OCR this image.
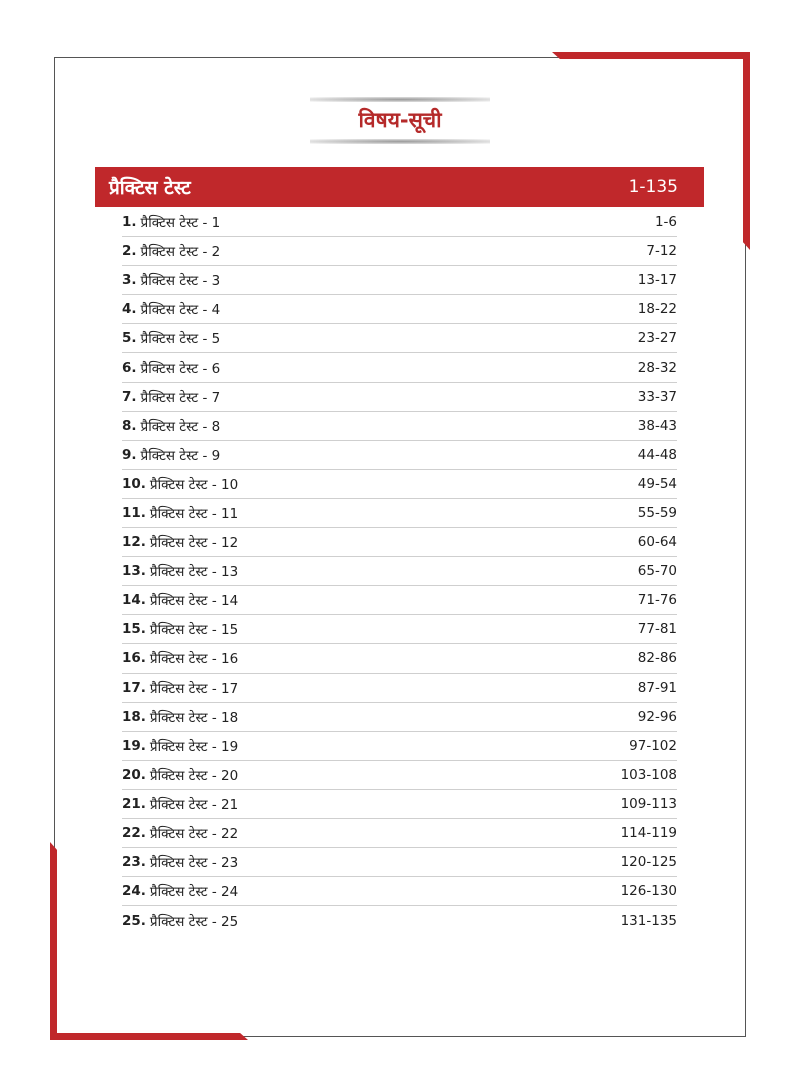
विषय-सूची
प्रैक्टिस टेस्ट	1-135
1. प्रैक्टिस टेस्ट - 1	1-6
2. प्रैक्टिस टेस्ट - 2	7-12
3. प्रैक्टिस टेस्ट - 3	13-17
4. प्रैक्टिस टेस्ट - 4	18-22
5. प्रैक्टिस टेस्ट - 5	23-27
6. प्रैक्टिस टेस्ट - 6	28-32
7. प्रैक्टिस टेस्ट - 7	33-37
8. प्रैक्टिस टेस्ट - 8	38-43
9. प्रैक्टिस टेस्ट - 9	44-48
10. प्रैक्टिस टेस्ट - 10	49-54
11. प्रैक्टिस टेस्ट - 11	55-59
12. प्रैक्टिस टेस्ट - 12	60-64
13. प्रैक्टिस टेस्ट - 13	65-70
14. प्रैक्टिस टेस्ट - 14	71-76
15. प्रैक्टिस टेस्ट - 15	77-81
16. प्रैक्टिस टेस्ट - 16	82-86
17. प्रैक्टिस टेस्ट - 17	87-91
18. प्रैक्टिस टेस्ट - 18	92-96
19. प्रैक्टिस टेस्ट - 19	97-102
20. प्रैक्टिस टेस्ट - 20	103-108
21. प्रैक्टिस टेस्ट - 21	109-113
22. प्रैक्टिस टेस्ट - 22	114-119
23. प्रैक्टिस टेस्ट - 23	120-125
24. प्रैक्टिस टेस्ट - 24	126-130
25. प्रैक्टिस टेस्ट - 25	131-135
